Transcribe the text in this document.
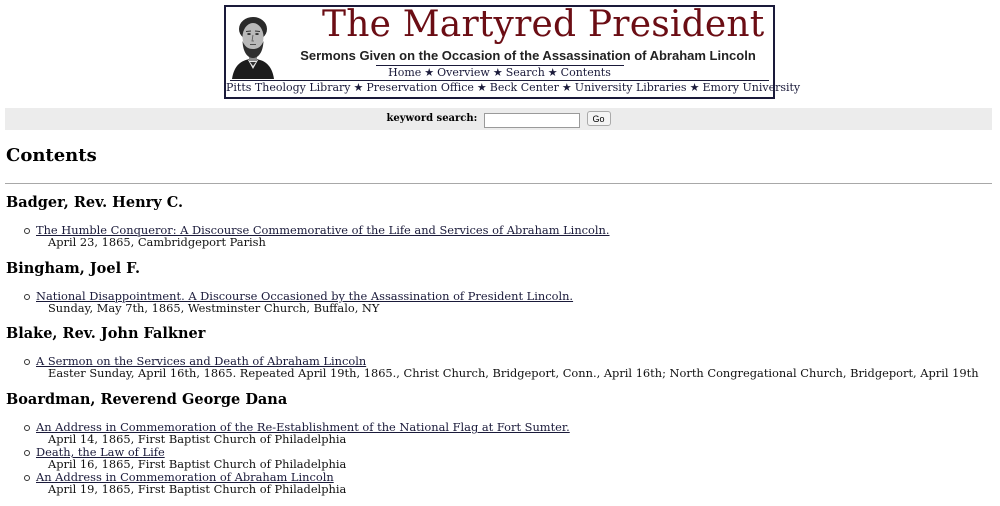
The Martyred President
Sermons Given on the Occasion of the Assassination of Abraham Lincoln
Home ★ Overview ★ Search ★ Contents
Pitts Theology Library ★ Preservation Office ★ Beck Center ★ University Libraries ★ Emory University
keyword search:	Go
Contents
Badger, Rev. Henry C.
The Humble Conqueror: A Discourse Commemorative of the Life and Services of Abraham Lincoln.
April 23, 1865, Cambridgeport Parish
Bingham, Joel F.
National Disappointment. A Discourse Occasioned by the Assassination of President Lincoln.
Sunday, May 7th, 1865, Westminster Church, Buffalo, NY
Blake, Rev. John Falkner
A Sermon on the Services and Death of Abraham Lincoln
Easter Sunday, April 16th, 1865. Repeated April 19th, 1865., Christ Church, Bridgeport, Conn., April 16th; North Congregational Church, Bridgeport, April 19th
Boardman, Reverend George Dana
An Address in Commemoration of the Re-Establishment of the National Flag at Fort Sumter.
April 14, 1865, First Baptist Church of Philadelphia
Death, the Law of Life
April 16, 1865, First Baptist Church of Philadelphia
An Address in Commemoration of Abraham Lincoln
April 19, 1865, First Baptist Church of Philadelphia
